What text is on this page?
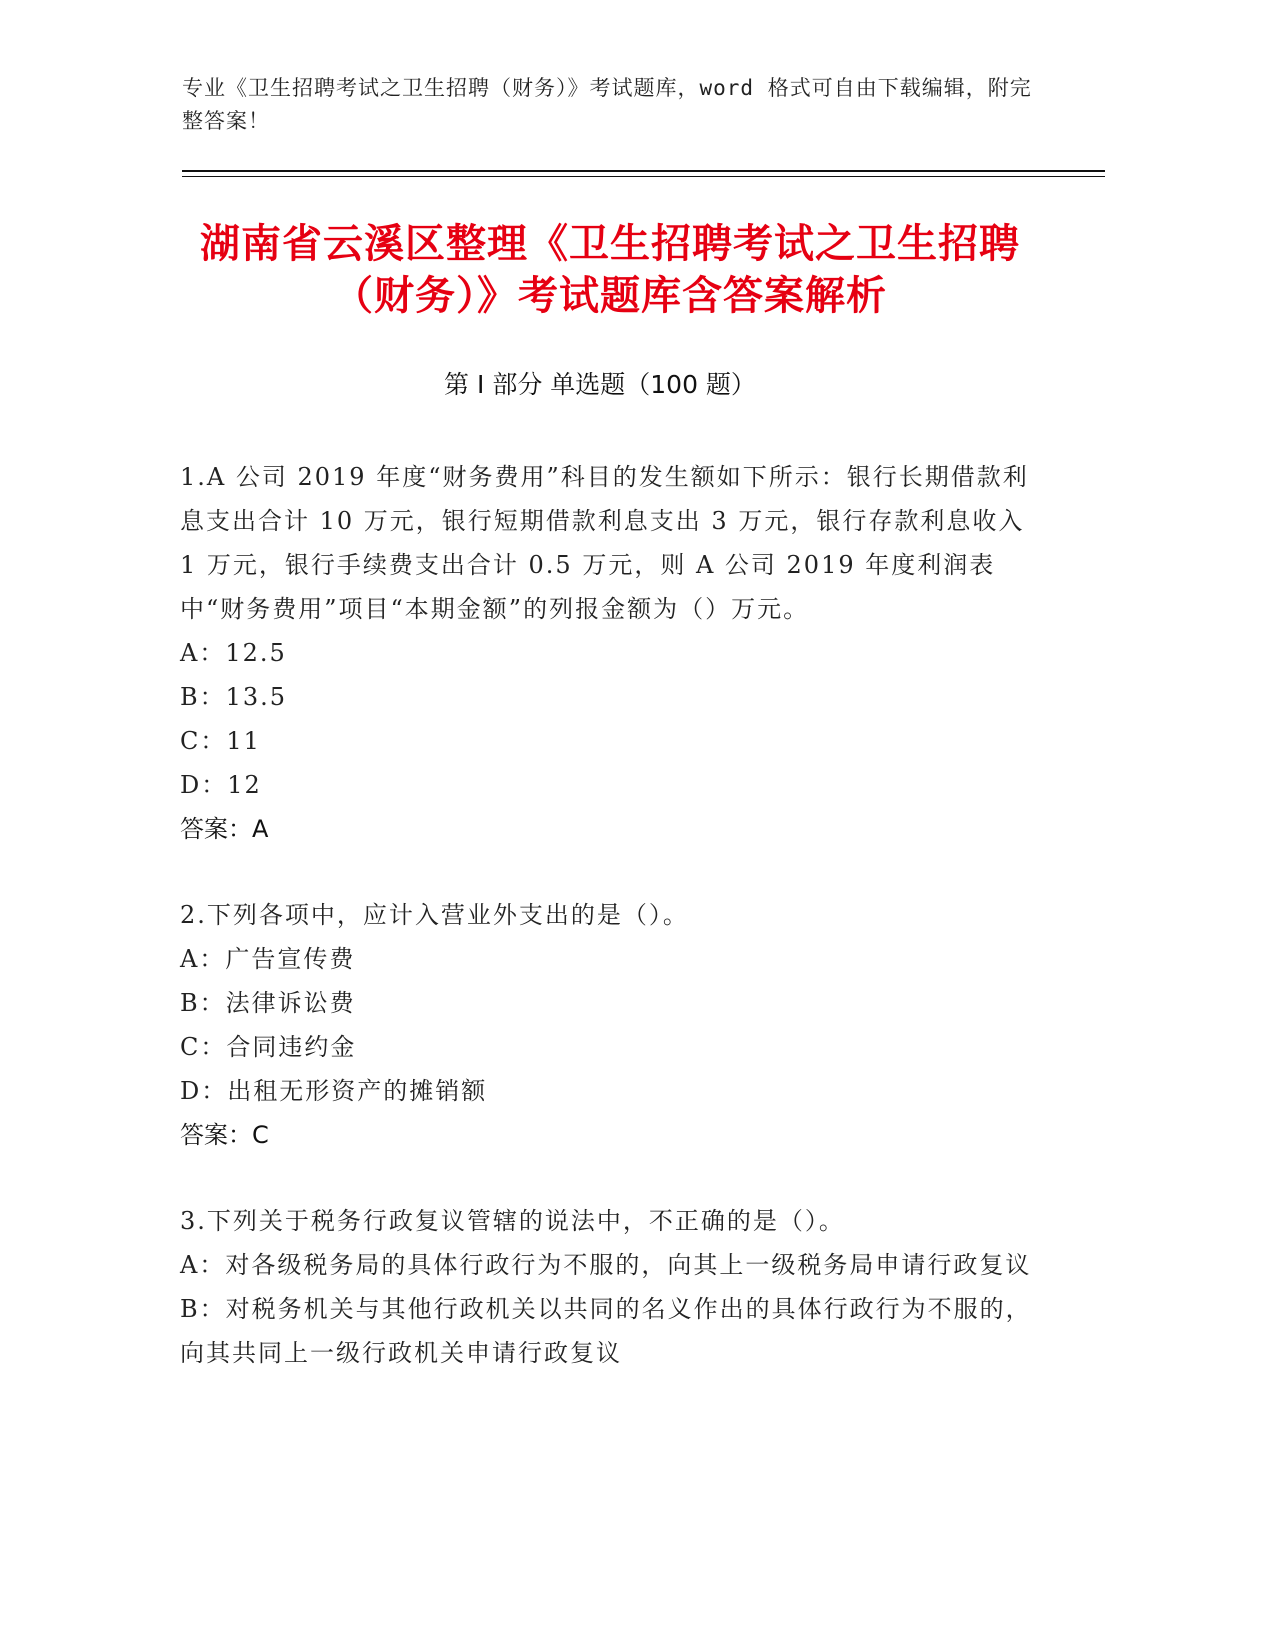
专业《卫生招聘考试之卫生招聘（财务）》考试题库，word 格式可自由下载编辑，附完整答案！
湖南省云溪区整理《卫生招聘考试之卫生招聘（财务）》考试题库含答案解析
第 I 部分 单选题（100 题）
1.A 公司 2019 年度“财务费用”科目的发生额如下所示：银行长期借款利息支出合计 10 万元，银行短期借款利息支出 3 万元，银行存款利息收入 1 万元，银行手续费支出合计 0.5 万元，则 A 公司 2019 年度利润表中“财务费用”项目“本期金额”的列报金额为（）万元。
A：12.5
B：13.5
C：11
D：12
答案：A
2.下列各项中，应计入营业外支出的是（）。
A：广告宣传费
B：法律诉讼费
C：合同违约金
D：出租无形资产的摊销额
答案：C
3.下列关于税务行政复议管辖的说法中，不正确的是（）。
A：对各级税务局的具体行政行为不服的，向其上一级税务局申请行政复议
B：对税务机关与其他行政机关以共同的名义作出的具体行政行为不服的，向其共同上一级行政机关申请行政复议
